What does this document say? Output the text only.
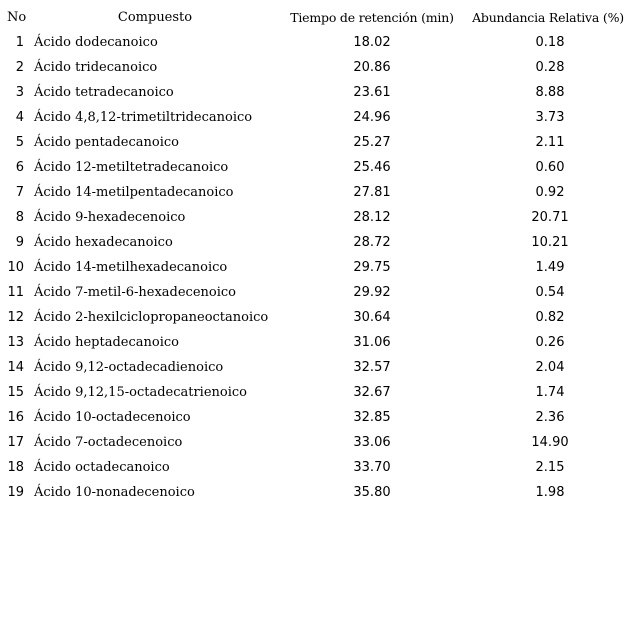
No	Compuesto	Tiempo de retención (min)	Abundancia Relativa (%)
1 Ácido dodecanoico	18.02	0.18
2 Ácido tridecanoico	20.86	0.28
3 Ácido tetradecanoico	23.61	8.88
4 Ácido 4,8,12-trimetiltridecanoico	24.96	3.73
5 Ácido pentadecanoico	25.27	2.11
6 Ácido 12-metiltetradecanoico	25.46	0.60
7 Ácido 14-metilpentadecanoico	27.81	0.92
8 Ácido 9-hexadecenoico	28.12	20.71
9 Ácido hexadecanoico	28.72	10.21
10 Ácido 14-metilhexadecanoico	29.75	1.49
11 Ácido 7-metil-6-hexadecenoico	29.92	0.54
12 Ácido 2-hexilciclopropaneoctanoico	30.64	0.82
13 Ácido heptadecanoico	31.06	0.26
14 Ácido 9,12-octadecadienoico	32.57	2.04
15 Ácido 9,12,15-octadecatrienoico	32.67	1.74
16 Ácido 10-octadecenoico	32.85	2.36
17 Ácido 7-octadecenoico	33.06	14.90
18 Ácido octadecanoico	33.70	2.15
19 Ácido 10-nonadecenoico	35.80	1.98
